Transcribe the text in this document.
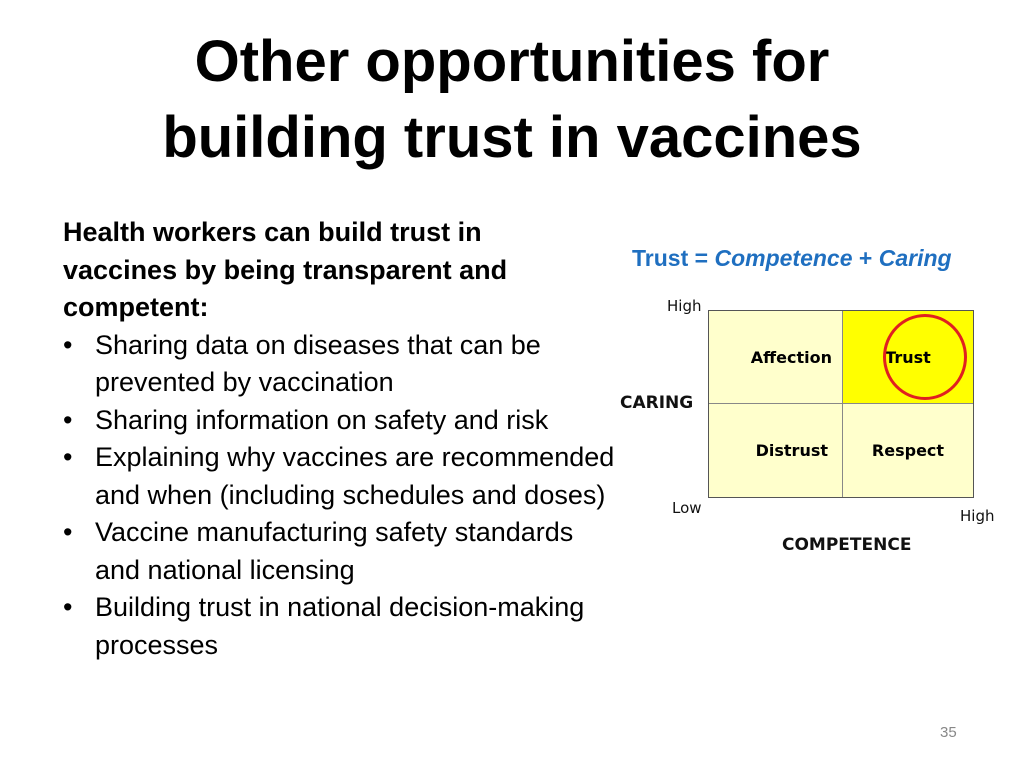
Other opportunities for
building trust in vaccines

Health workers can build trust in
vaccines by being transparent and
competent:

• Sharing data on diseases that can be prevented by vaccination
• Sharing information on safety and risk
• Explaining why vaccines are recommended and when (including schedules and doses)
• Vaccine manufacturing safety standards and national licensing
• Building trust in national decision-making processes
Trust = Competence + Caring
High
CARING
Low	High
COMPETENCE
Affection	Trust
Distrust	Respect
35
